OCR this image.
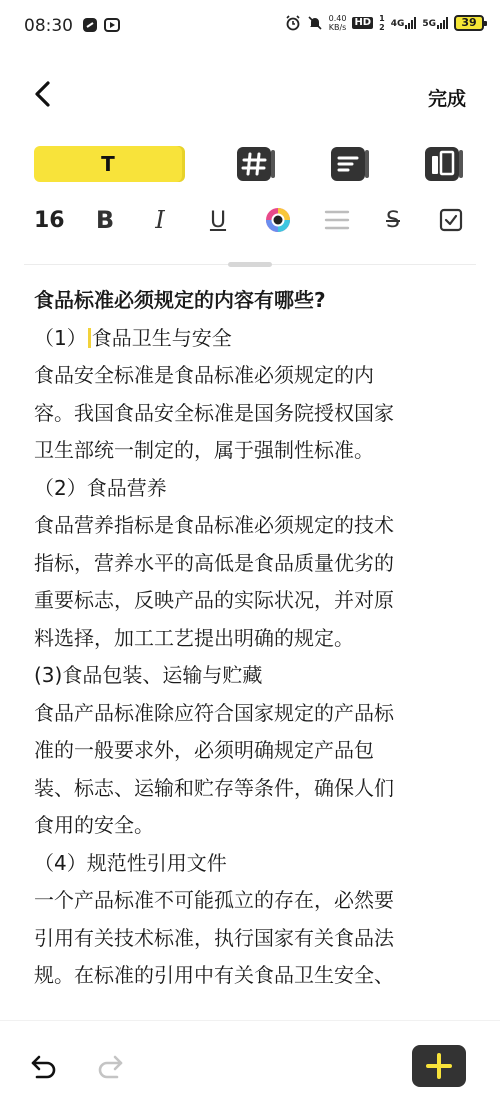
08:30	0.40
KB/s HD 1
2 4G 5G	39
完成
T
16 B I U	S
食品标准必须规定的内容有哪些?
（1） 食品卫生与安全
食品安全标准是食品标准必须规定的内
容。我国食品安全标准是国务院授权国家
卫生部统一制定的，属于强制性标准。
（2）食品营养
食品营养指标是食品标准必须规定的技术
指标，营养水平的高低是食品质量优劣的
重要标志，反映产品的实际状况，并对原
料选择，加工工艺提出明确的规定。
(3)食品包装、运输与贮藏
食品产品标准除应符合国家规定的产品标
准的一般要求外，必须明确规定产品包
装、标志、运输和贮存等条件，确保人们
食用的安全。
（4）规范性引用文件
一个产品标准不可能孤立的存在，必然要
引用有关技术标准，执行国家有关食品法
规。在标准的引用中有关食品卫生安全、
